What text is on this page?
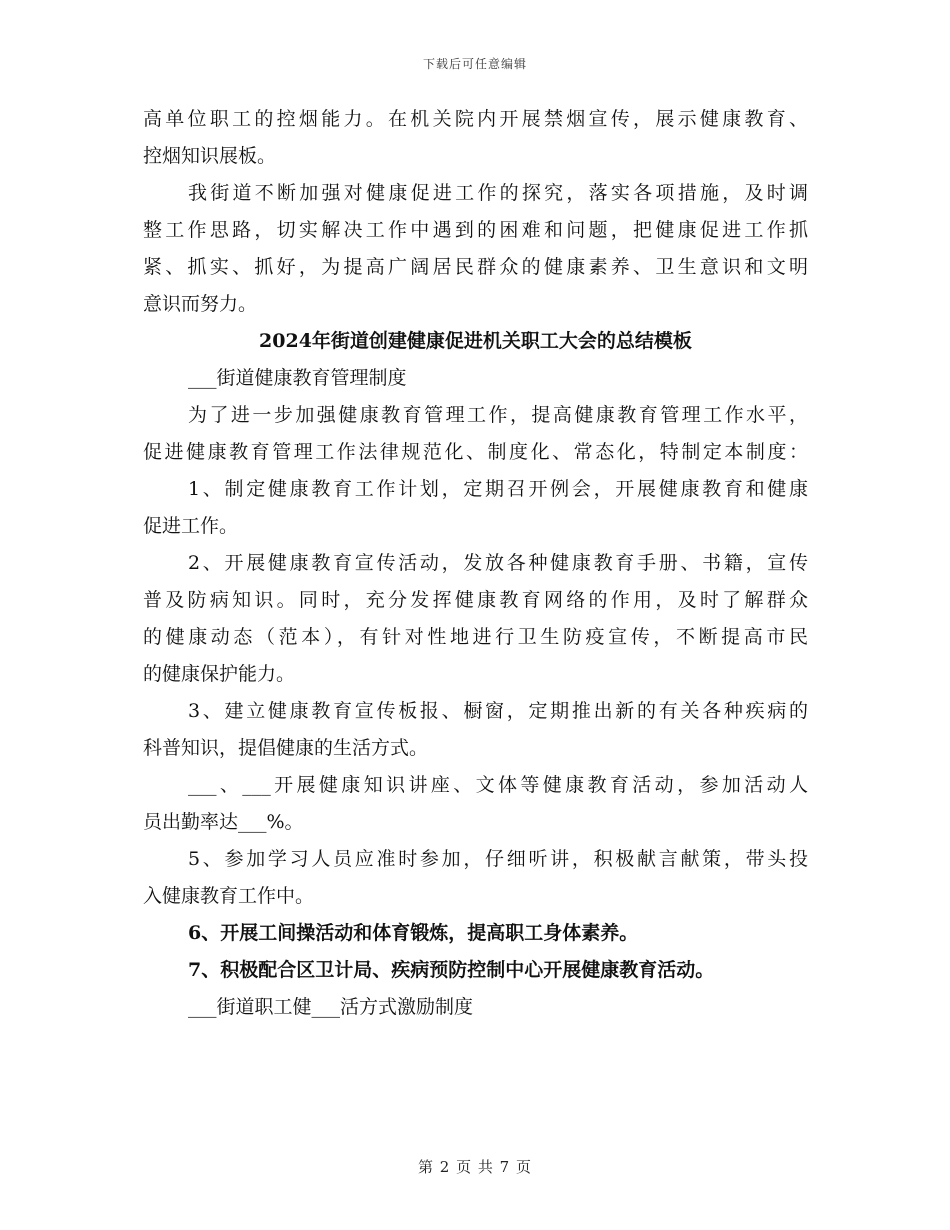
下载后可任意编辑
高单位职工的控烟能力。在机关院内开展禁烟宣传，展示健康教育、
控烟知识展板。
我街道不断加强对健康促进工作的探究，落实各项措施，及时调
整工作思路，切实解决工作中遇到的困难和问题，把健康促进工作抓
紧、抓实、抓好，为提高广阔居民群众的健康素养、卫生意识和文明
意识而努力。
2024年街道创建健康促进机关职工大会的总结模板
___街道健康教育管理制度
为了进一步加强健康教育管理工作，提高健康教育管理工作水平，
促进健康教育管理工作法律规范化、制度化、常态化，特制定本制度：
1、制定健康教育工作计划，定期召开例会，开展健康教育和健康
促进工作。
2、开展健康教育宣传活动，发放各种健康教育手册、书籍，宣传
普及防病知识。同时，充分发挥健康教育网络的作用，及时了解群众
的健康动态（范本），有针对性地进行卫生防疫宣传，不断提高市民
的健康保护能力。
3、建立健康教育宣传板报、橱窗，定期推出新的有关各种疾病的
科普知识，提倡健康的生活方式。
___、___开展健康知识讲座、文体等健康教育活动，参加活动人
员出勤率达___%。
5、参加学习人员应准时参加，仔细听讲，积极献言献策，带头投
入健康教育工作中。
6、开展工间操活动和体育锻炼，提高职工身体素养。
7、积极配合区卫计局、疾病预防控制中心开展健康教育活动。
___街道职工健___活方式激励制度
第 2 页 共 7 页
